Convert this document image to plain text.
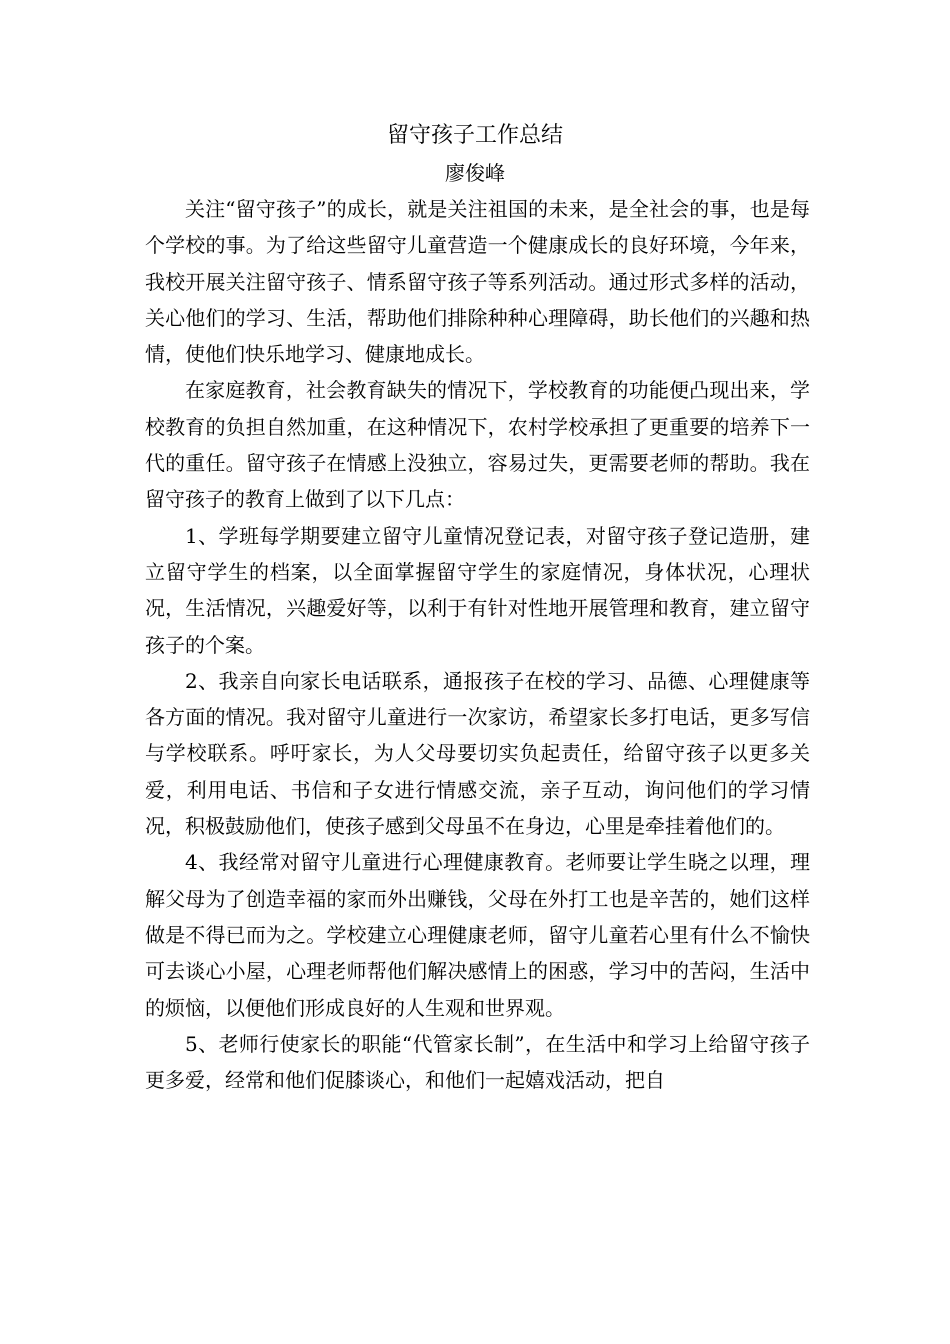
留守孩子工作总结
廖俊峰

关注“留守孩子”的成长，就是关注祖国的未来，是全社会的事，也是每个学校的事。为了给这些留守儿童营造一个健康成长的良好环境，今年来，我校开展关注留守孩子、情系留守孩子等系列活动。通过形式多样的活动，关心他们的学习、生活，帮助他们排除种种心理障碍，助长他们的兴趣和热情，使他们快乐地学习、健康地成长。

在家庭教育，社会教育缺失的情况下，学校教育的功能便凸现出来，学校教育的负担自然加重，在这种情况下，农村学校承担了更重要的培养下一代的重任。留守孩子在情感上没独立，容易过失，更需要老师的帮助。我在留守孩子的教育上做到了以下几点：

1、学班每学期要建立留守儿童情况登记表，对留守孩子登记造册，建立留守学生的档案，以全面掌握留守学生的家庭情况，身体状况，心理状况，生活情况，兴趣爱好等，以利于有针对性地开展管理和教育，建立留守孩子的个案。

2、我亲自向家长电话联系，通报孩子在校的学习、品德、心理健康等各方面的情况。我对留守儿童进行一次家访，希望家长多打电话，更多写信与学校联系。呼吁家长，为人父母要切实负起责任，给留守孩子以更多关爱，利用电话、书信和子女进行情感交流，亲子互动，询问他们的学习情况，积极鼓励他们，使孩子感到父母虽不在身边，心里是牵挂着他们的。

4、我经常对留守儿童进行心理健康教育。老师要让学生晓之以理，理解父母为了创造幸福的家而外出赚钱，父母在外打工也是辛苦的，她们这样做是不得已而为之。学校建立心理健康老师，留守儿童若心里有什么不愉快可去谈心小屋，心理老师帮他们解决感情上的困惑，学习中的苦闷，生活中的烦恼，以便他们形成良好的人生观和世界观。

5、老师行使家长的职能“代管家长制”，在生活中和学习上给留守孩子更多爱，经常和他们促膝谈心，和他们一起嬉戏活动，把自
